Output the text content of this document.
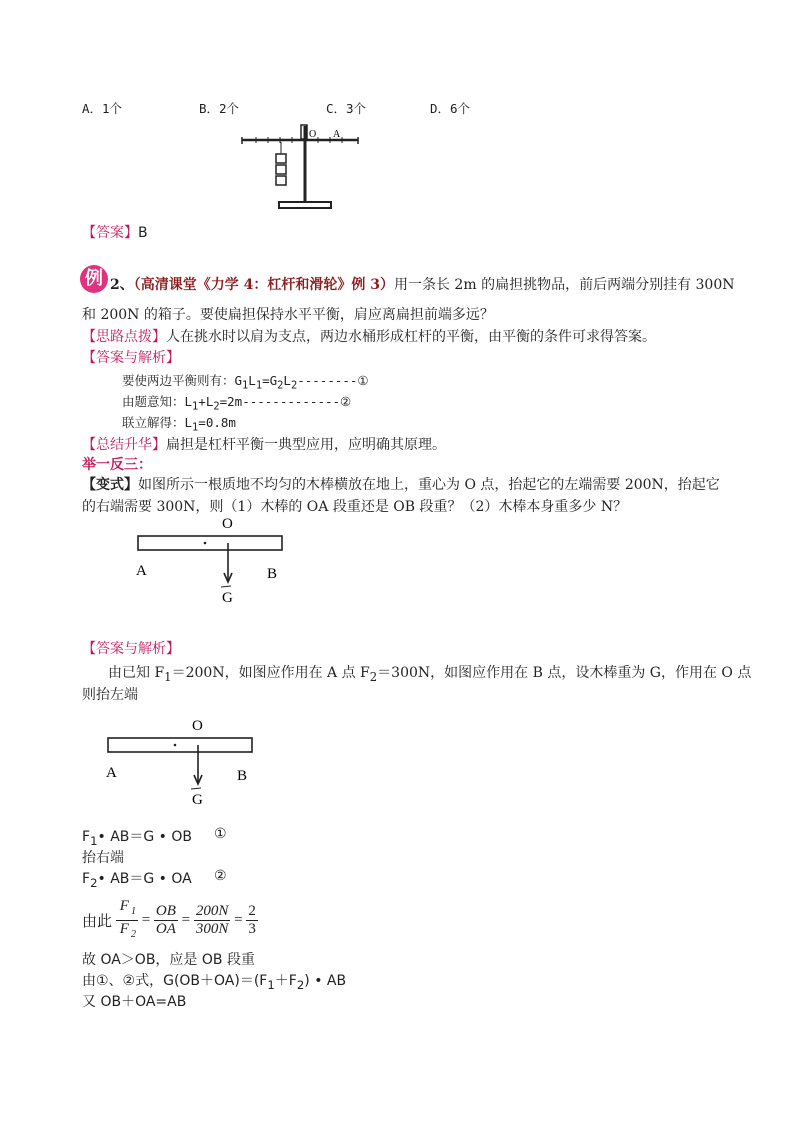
A．1个	B．2个	C．3个	D．6个
O A
【答案】B
例 2、（高清课堂《力学 4：杠杆和滑轮》例 3）用一条长 2m 的扁担挑物品，前后两端分别挂有 300N
和 200N 的箱子。要使扁担保持水平平衡，肩应离扁担前端多远？
【思路点拨】人在挑水时以肩为支点，两边水桶形成杠杆的平衡，由平衡的条件可求得答案。
【答案与解析】
要使两边平衡则有：$G_1L_1=G_2L_2--------①$
由题意知：$L_1+L_2=2m-------------②$
联立解得：$L_1=0.8m$
【总结升华】扁担是杠杆平衡一典型应用，应明确其原理。
举一反三：
【变式】如图所示一根质地不均匀的木棒横放在地上，重心为 O 点，抬起它的左端需要 200N，抬起它
的右端需要 300N，则（1）木棒的 OA 段重还是 OB 段重？（2）木棒本身重多少 N？
O
A	B
G
【答案与解析】
由已知 $F_1=200N$，如图应作用在 A 点 $F_2=300N$，如图应作用在 B 点，设木棒重为 G，作用在 O 点
则抬左端
O
A	B
G
$F_1•$ AB＝G • OB ①
抬右端
$F_2•$ AB＝G • OA ②
由此 $\frac{F _1}{F _2} = \frac{OB}{OA} = \frac{200N}{300N} = \frac{2}{3}$
故 OA＞OB，应是 OB 段重
由①、②式，$G(OB+OA)=(F_1+F_2)$ • AB
又 OB＋OA=AB
